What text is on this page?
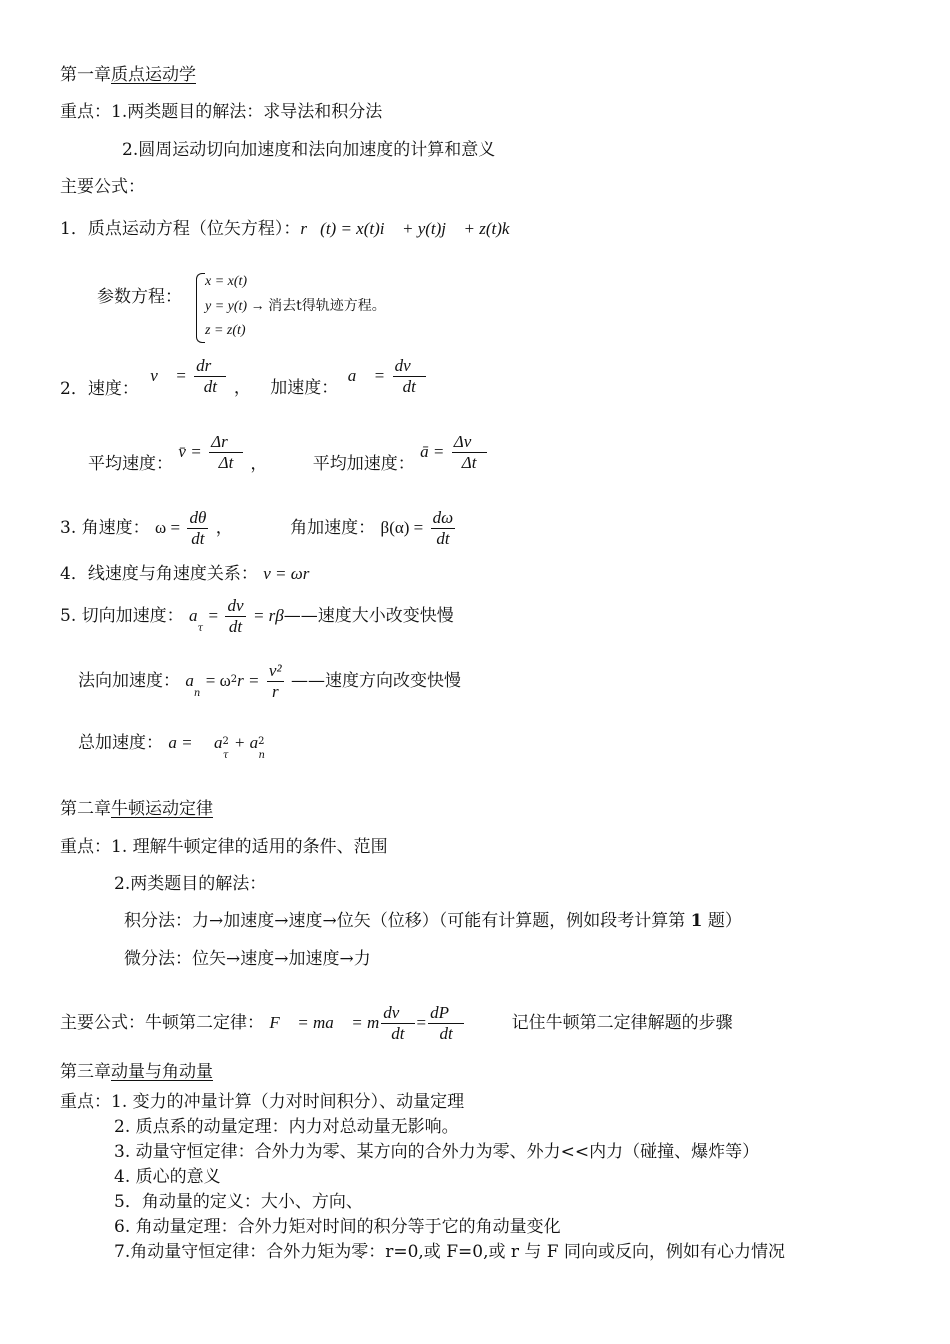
第一章质点运动学
重点：1.两类题目的解法：求导法和积分法
2.圆周运动切向加速度和法向加速度的计算和意义
主要公式：
1．质点运动方程（位矢方程）：r⃗(t) = x(t)i⃗ + y(t)j⃗ + z(t)k⃗
参数方程：
x = x(t)
y = y(t) → 消去t得轨迹方程。
z = z(t)
2．速度： v⃗ = $\frac{dr⃗}{dt}$ ， 加速度： a⃗ = $\frac{dv⃗}{dt}$
平均速度： v̄ = $\frac{\Delta r⃗}{\Delta t}$ ，	平均加速度： ā = $\frac{\Delta v⃗}{\Delta t}$
3. 角速度： $\omega = \frac{d\theta}{dt}$ ，	角加速度： $\beta(\alpha) = \frac{d\omega}{dt}$
4．线速度与角速度关系： v = ωr
5. 切向加速度： $a_\tau = \frac{dv}{dt}$ = rβ——速度大小改变快慢
法向加速度： $a_n = \omega^2r = \frac{\text{v²}}{r}$ ——速度方向改变快慢
总加速度： $a = a^2_\tau + a^2_n$
第二章牛顿运动定律
重点：1. 理解牛顿定律的适用的条件、范围
2.两类题目的解法：
积分法：力→加速度→速度→位矢（位移）（可能有计算题，例如段考计算第 1 题）
微分法：位矢→速度→加速度→力
主要公式：牛顿第二定律： F⃗ = ma⃗ = m $\frac{dv⃗}{dt} = \frac{dP⃗}{dt}$	记住牛顿第二定律解题的步骤
第三章动量与角动量
重点：1. 变力的冲量计算（力对时间积分）、动量定理
2. 质点系的动量定理：内力对总动量无影响。
3. 动量守恒定律：合外力为零、某方向的合外力为零、外力<<内力（碰撞、爆炸等）
4. 质心的意义
5．角动量的定义：大小、方向、
6. 角动量定理：合外力矩对时间的积分等于它的角动量变化
7.角动量守恒定律：合外力矩为零：r=0,或 F=0,或 r 与 F 同向或反向，例如有心力情况
